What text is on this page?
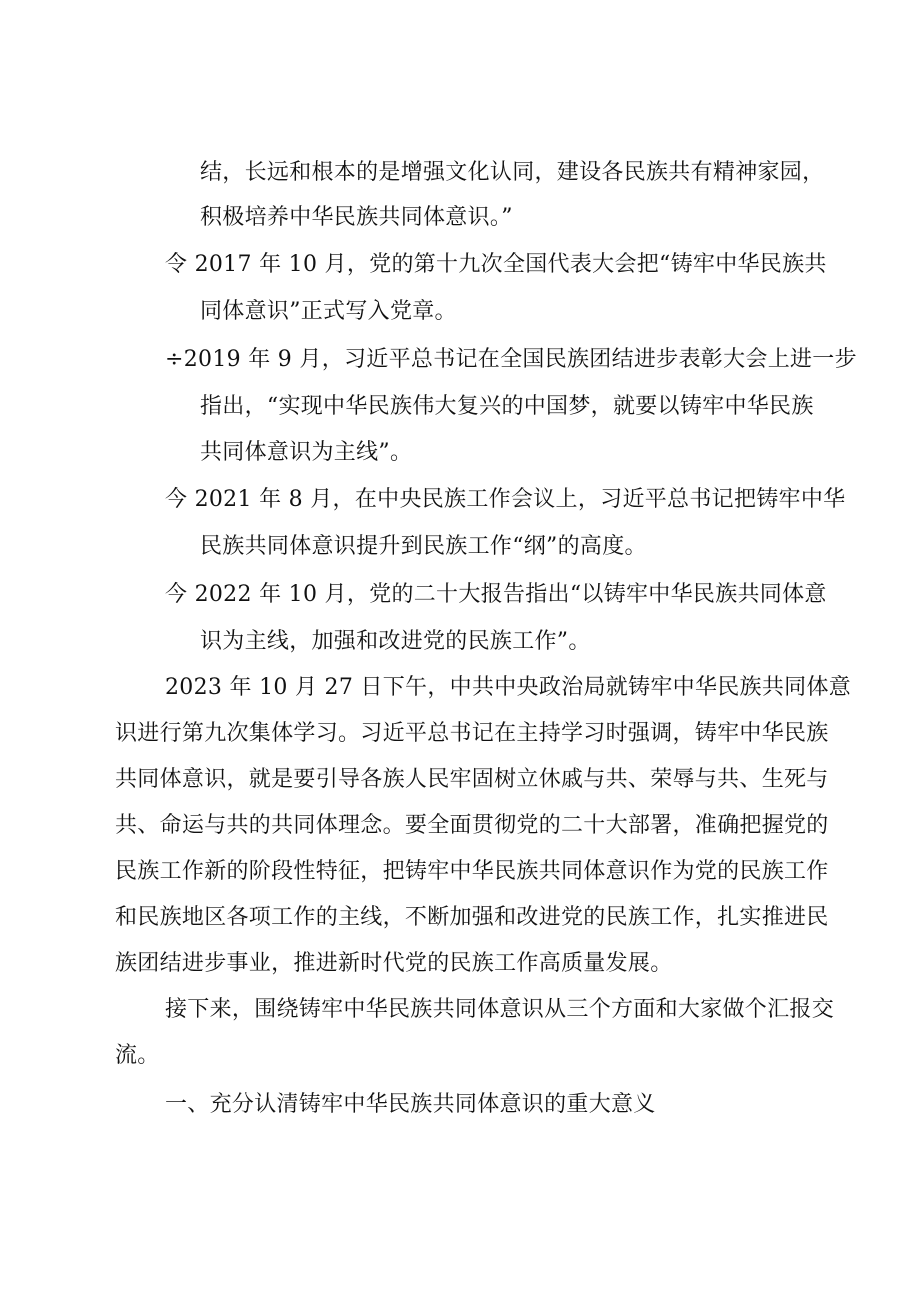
结，长远和根本的是增强文化认同，建设各民族共有精神家园，
积极培养中华民族共同体意识。”
令 2017 年 10 月，党的第十九次全国代表大会把“铸牢中华民族共
同体意识”正式写入党章。
÷2019 年 9 月，习近平总书记在全国民族团结进步表彰大会上进一步
指出，“实现中华民族伟大复兴的中国梦，就要以铸牢中华民族
共同体意识为主线”。
今 2021 年 8 月，在中央民族工作会议上，习近平总书记把铸牢中华
民族共同体意识提升到民族工作“纲”的高度。
今 2022 年 10 月，党的二十大报告指出“以铸牢中华民族共同体意
识为主线，加强和改进党的民族工作”。
2023 年 10 月 27 日下午，中共中央政治局就铸牢中华民族共同体意
识进行第九次集体学习。习近平总书记在主持学习时强调，铸牢中华民族
共同体意识，就是要引导各族人民牢固树立休戚与共、荣辱与共、生死与
共、命运与共的共同体理念。要全面贯彻党的二十大部署，准确把握党的
民族工作新的阶段性特征，把铸牢中华民族共同体意识作为党的民族工作
和民族地区各项工作的主线，不断加强和改进党的民族工作，扎实推进民
族团结进步事业，推进新时代党的民族工作高质量发展。
接下来，围绕铸牢中华民族共同体意识从三个方面和大家做个汇报交
流。
一、充分认清铸牢中华民族共同体意识的重大意义
